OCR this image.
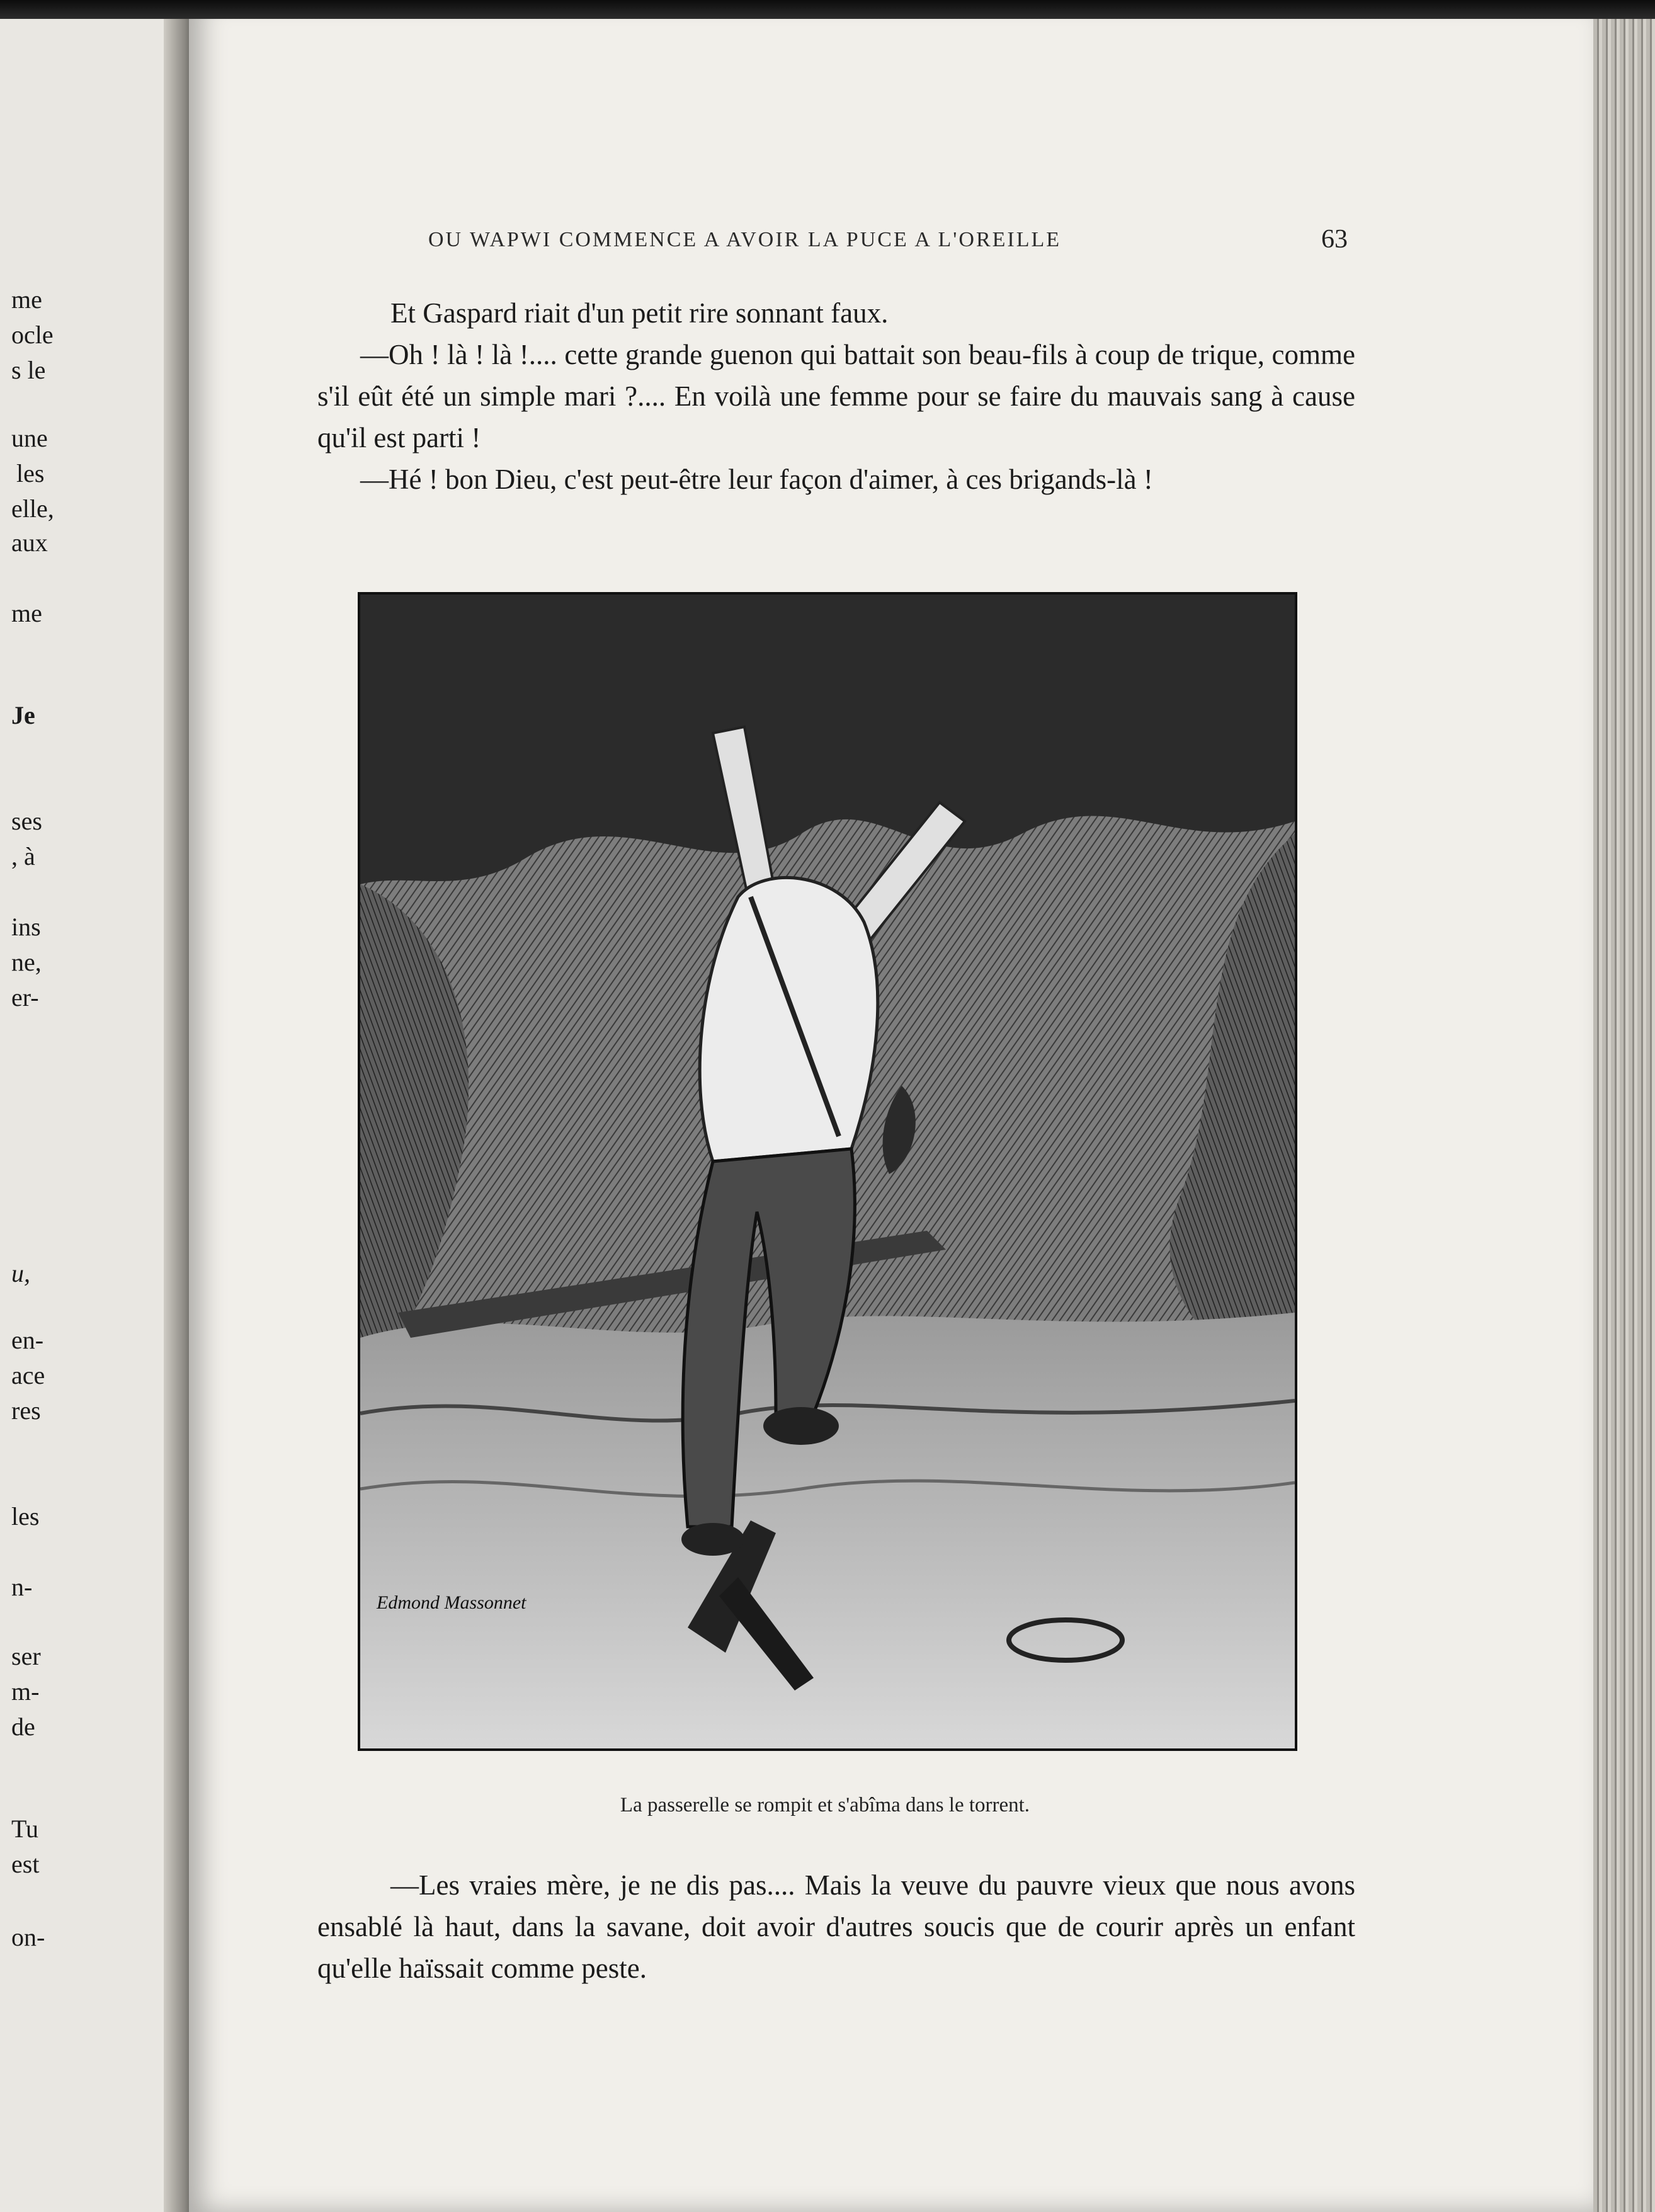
me
ocle
s le
une
les
elle,
aux
me
Je
ses
, à
ins
ne,
er-
u,
en-
ace
res
les
n-
ser
m-
de
Tu
est
on-
OU WAPWI COMMENCE A AVOIR LA PUCE A L'OREILLE	63

Et Gaspard riait d'un petit rire sonnant faux.

—Oh ! là ! là !.... cette grande guenon qui battait son beau-fils à coup de trique, comme s'il eût été un simple mari ?.... En voilà une femme pour se faire du mauvais sang à cause qu'il est parti !

—Hé ! bon Dieu, c'est peut-être leur façon d'aimer, à ces brigands-là !

Edmond Massonnet
La passerelle se rompit et s'abîma dans le torrent.

—Les vraies mère, je ne dis pas.... Mais la veuve du pauvre vieux que nous avons ensablé là haut, dans la savane, doit avoir d'autres soucis que de courir après un enfant qu'elle haïssait comme peste.
